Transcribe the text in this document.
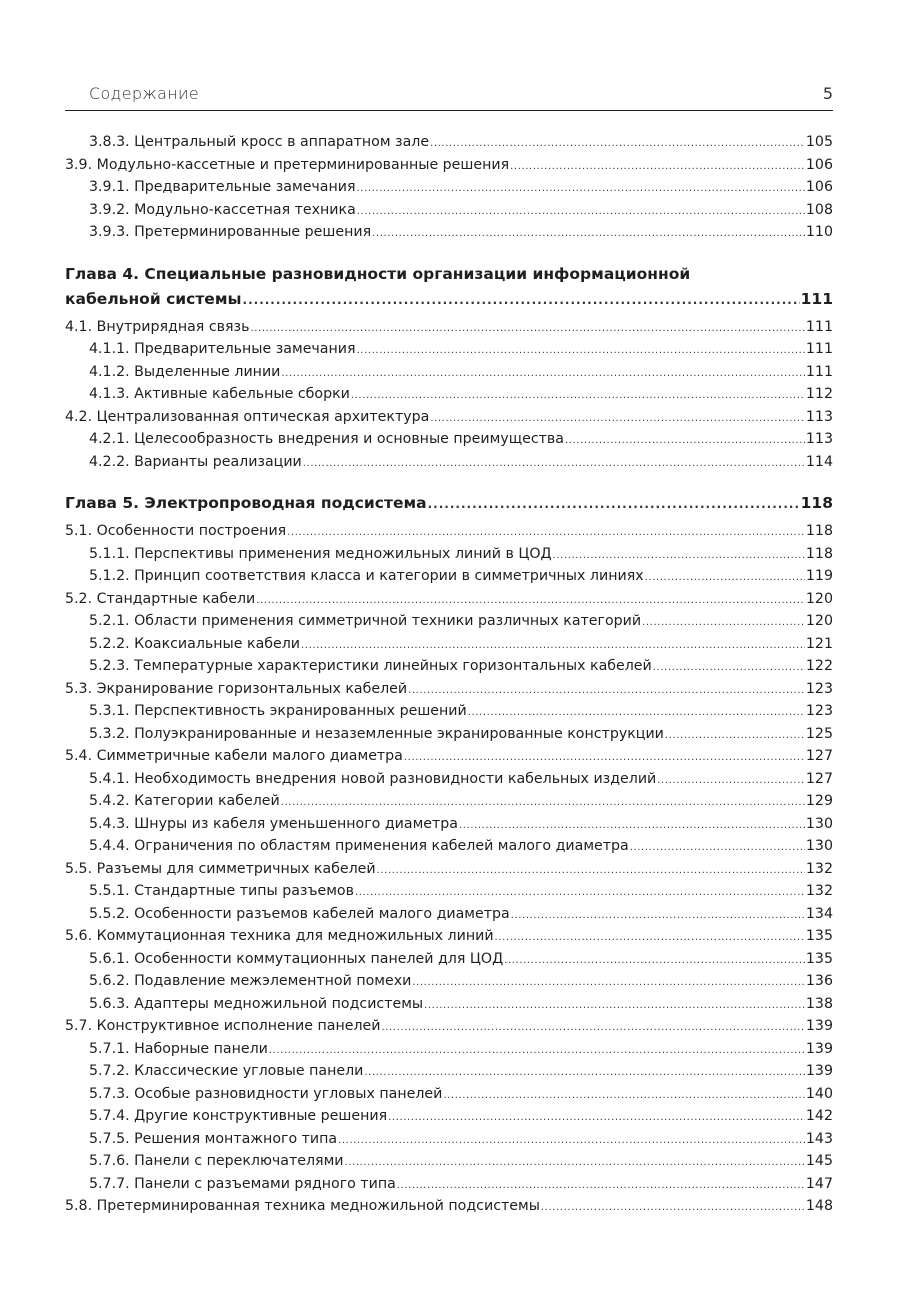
Содержание	5
3.8.3. Центральный кросс в аппаратном зале .....	105
3.9. Модульно-кассетные и претерминированные решения .....	106
3.9.1. Предварительные замечания .....	106
3.9.2. Модульно-кассетная техника .....	108
3.9.3. Претерминированные решения .....	110
Глава 4. Специальные разновидности организации информационной
кабельной системы .....	111
4.1. Внутрирядная связь .....	111
4.1.1. Предварительные замечания .....	111
4.1.2. Выделенные линии .....	111
4.1.3. Активные кабельные сборки .....	112
4.2. Централизованная оптическая архитектура .....	113
4.2.1. Целесообразность внедрения и основные преимущества .....	113
4.2.2. Варианты реализации .....	114
Глава 5. Электропроводная подсистема .....	118
5.1. Особенности построения .....	118
5.1.1. Перспективы применения медножильных линий в ЦОД .....	118
5.1.2. Принцип соответствия класса и категории в симметричных линиях .....	119
5.2. Стандартные кабели .....	120
5.2.1. Области применения симметричной техники различных категорий .....	120
5.2.2. Коаксиальные кабели .....	121
5.2.3. Температурные характеристики линейных горизонтальных кабелей .....	122
5.3. Экранирование горизонтальных кабелей .....	123
5.3.1. Перспективность экранированных решений .....	123
5.3.2. Полуэкранированные и незаземленные экранированные конструкции .....	125
5.4. Симметричные кабели малого диаметра .....	127
5.4.1. Необходимость внедрения новой разновидности кабельных изделий .....	127
5.4.2. Категории кабелей .....	129
5.4.3. Шнуры из кабеля уменьшенного диаметра .....	130
5.4.4. Ограничения по областям применения кабелей малого диаметра .....	130
5.5. Разъемы для симметричных кабелей .....	132
5.5.1. Стандартные типы разъемов .....	132
5.5.2. Особенности разъемов кабелей малого диаметра .....	134
5.6. Коммутационная техника для медножильных линий .....	135
5.6.1. Особенности коммутационных панелей для ЦОД .....	135
5.6.2. Подавление межэлементной помехи .....	136
5.6.3. Адаптеры медножильной подсистемы .....	138
5.7. Конструктивное исполнение панелей .....	139
5.7.1. Наборные панели .....	139
5.7.2. Классические угловые панели .....	139
5.7.3. Особые разновидности угловых панелей .....	140
5.7.4. Другие конструктивные решения .....	142
5.7.5. Решения монтажного типа .....	143
5.7.6. Панели с переключателями .....	145
5.7.7. Панели с разъемами рядного типа .....	147
5.8. Претерминированная техника медножильной подсистемы .....	148
